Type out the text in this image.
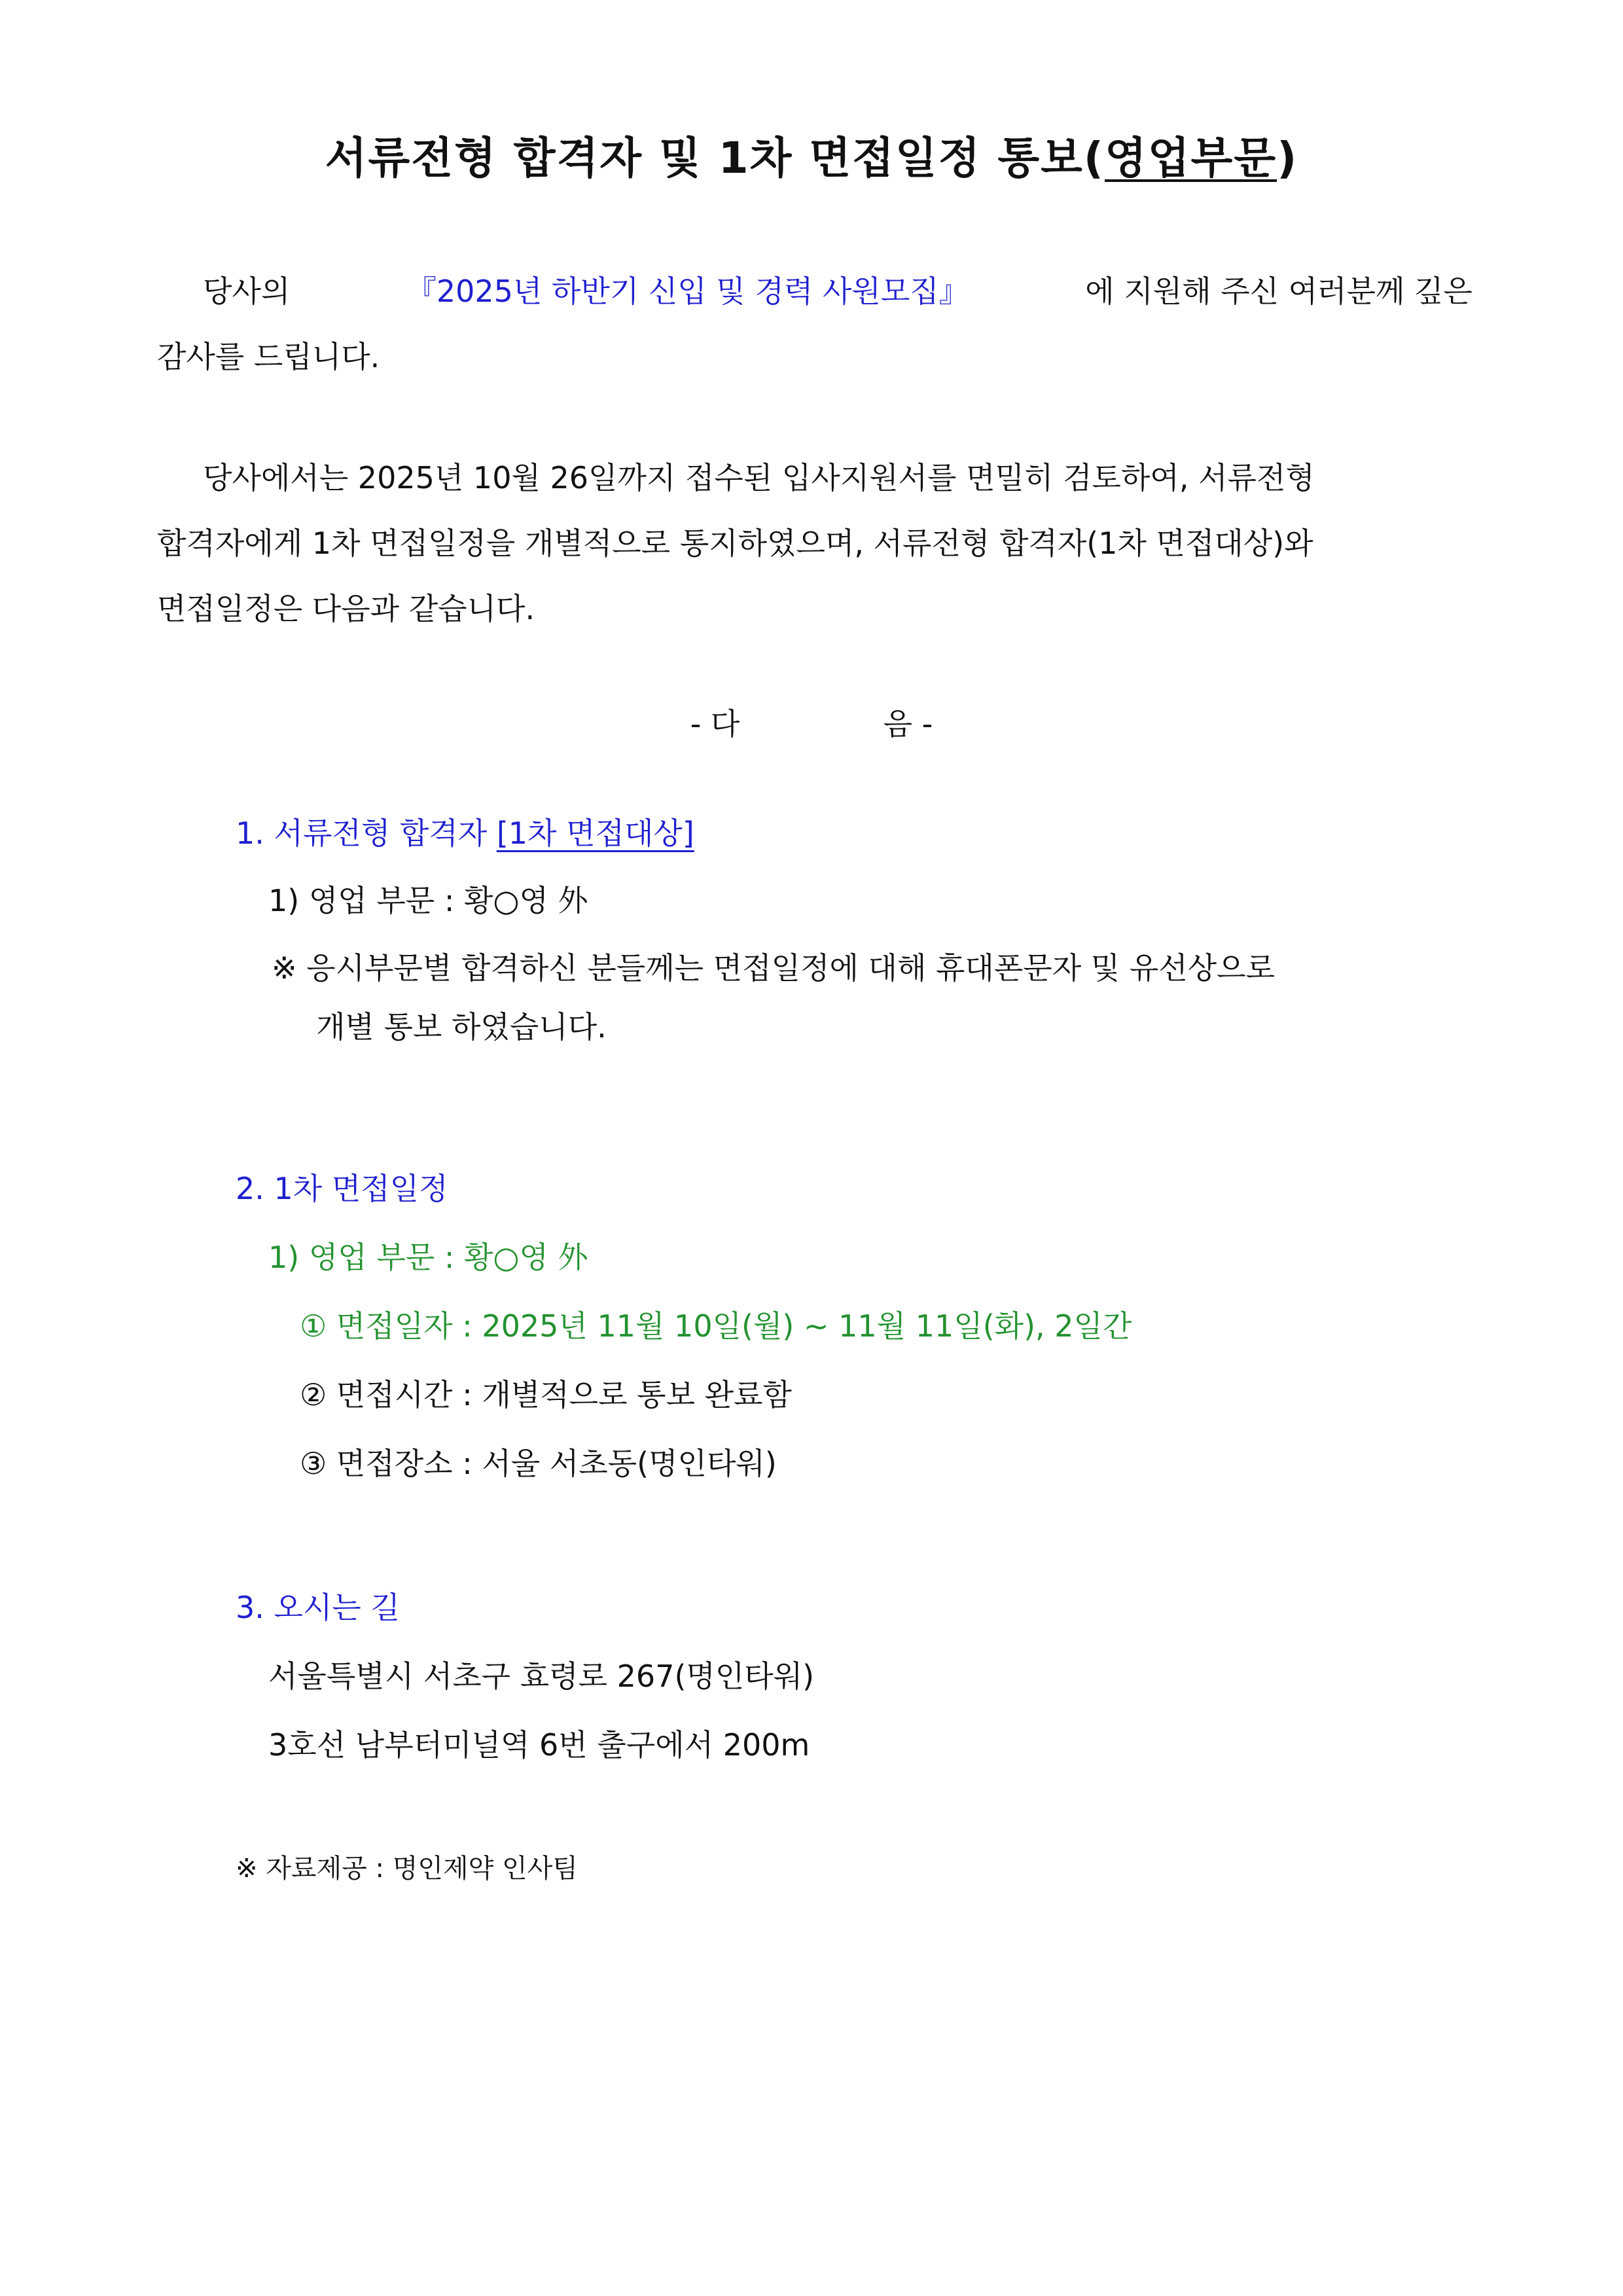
서류전형 합격자 및 1차 면접일정 통보(영업부문)
당사의	『2025년 하반기 신입 및 경력 사원모집』	에 지원해 주신 여러분께 깊은
감사를 드립니다.
당사에서는 2025년 10월 26일까지 접수된 입사지원서를 면밀히 검토하여, 서류전형
합격자에게 1차 면접일정을 개별적으로 통지하였으며, 서류전형 합격자(1차 면접대상)와
면접일정은 다음과 같습니다.
- 다	음 -
1. 서류전형 합격자 [1차 면접대상]
1) 영업 부문 : 황○영 外
※ 응시부문별 합격하신 분들께는 면접일정에 대해 휴대폰문자 및 유선상으로
개별 통보 하였습니다.
2. 1차 면접일정
1) 영업 부문 : 황○영 外
① 면접일자 : 2025년 11월 10일(월) ~ 11월 11일(화), 2일간
② 면접시간 : 개별적으로 통보 완료함
③ 면접장소 : 서울 서초동(명인타워)
3. 오시는 길
서울특별시 서초구 효령로 267(명인타워)
3호선 남부터미널역 6번 출구에서 200m
※ 자료제공 : 명인제약 인사팀
